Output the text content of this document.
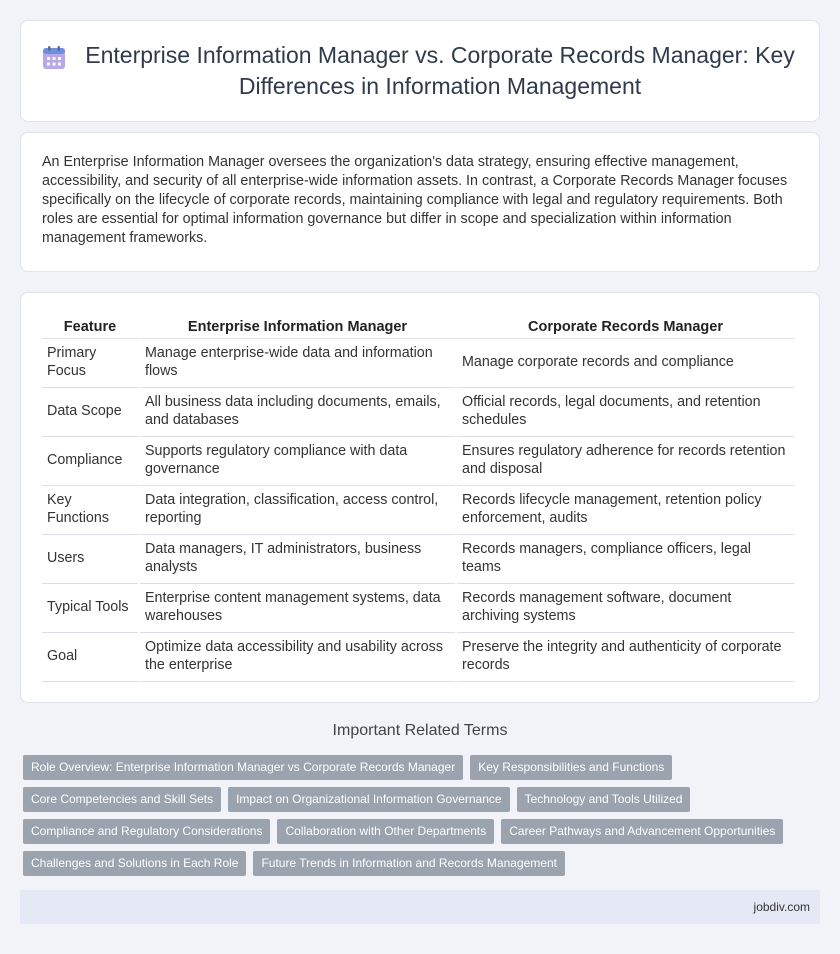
Enterprise Information Manager vs. Corporate Records Manager: Key Differences in Information Management

An Enterprise Information Manager oversees the organization's data strategy, ensuring effective management, accessibility, and security of all enterprise-wide information assets. In contrast, a Corporate Records Manager focuses specifically on the lifecycle of corporate records, maintaining compliance with legal and regulatory requirements. Both roles are essential for optimal information governance but differ in scope and specialization within information management frameworks.

Feature	Enterprise Information Manager	Corporate Records Manager
Primary Focus	Manage enterprise-wide data and information flows	Manage corporate records and compliance
Data Scope	All business data including documents, emails, and databases	Official records, legal documents, and retention schedules
Compliance	Supports regulatory compliance with data governance	Ensures regulatory adherence for records retention and disposal
Key Functions	Data integration, classification, access control, reporting	Records lifecycle management, retention policy enforcement, audits
Users	Data managers, IT administrators, business analysts	Records managers, compliance officers, legal teams
Typical Tools	Enterprise content management systems, data warehouses	Records management software, document archiving systems
Goal	Optimize data accessibility and usability across the enterprise	Preserve the integrity and authenticity of corporate records
Important Related Terms
Role Overview: Enterprise Information Manager vs Corporate Records Manager	Key Responsibilities and Functions
Core Competencies and Skill Sets	Impact on Organizational Information Governance	Technology and Tools Utilized
Compliance and Regulatory Considerations	Collaboration with Other Departments	Career Pathways and Advancement Opportunities
Challenges and Solutions in Each Role	Future Trends in Information and Records Management
jobdiv.com
